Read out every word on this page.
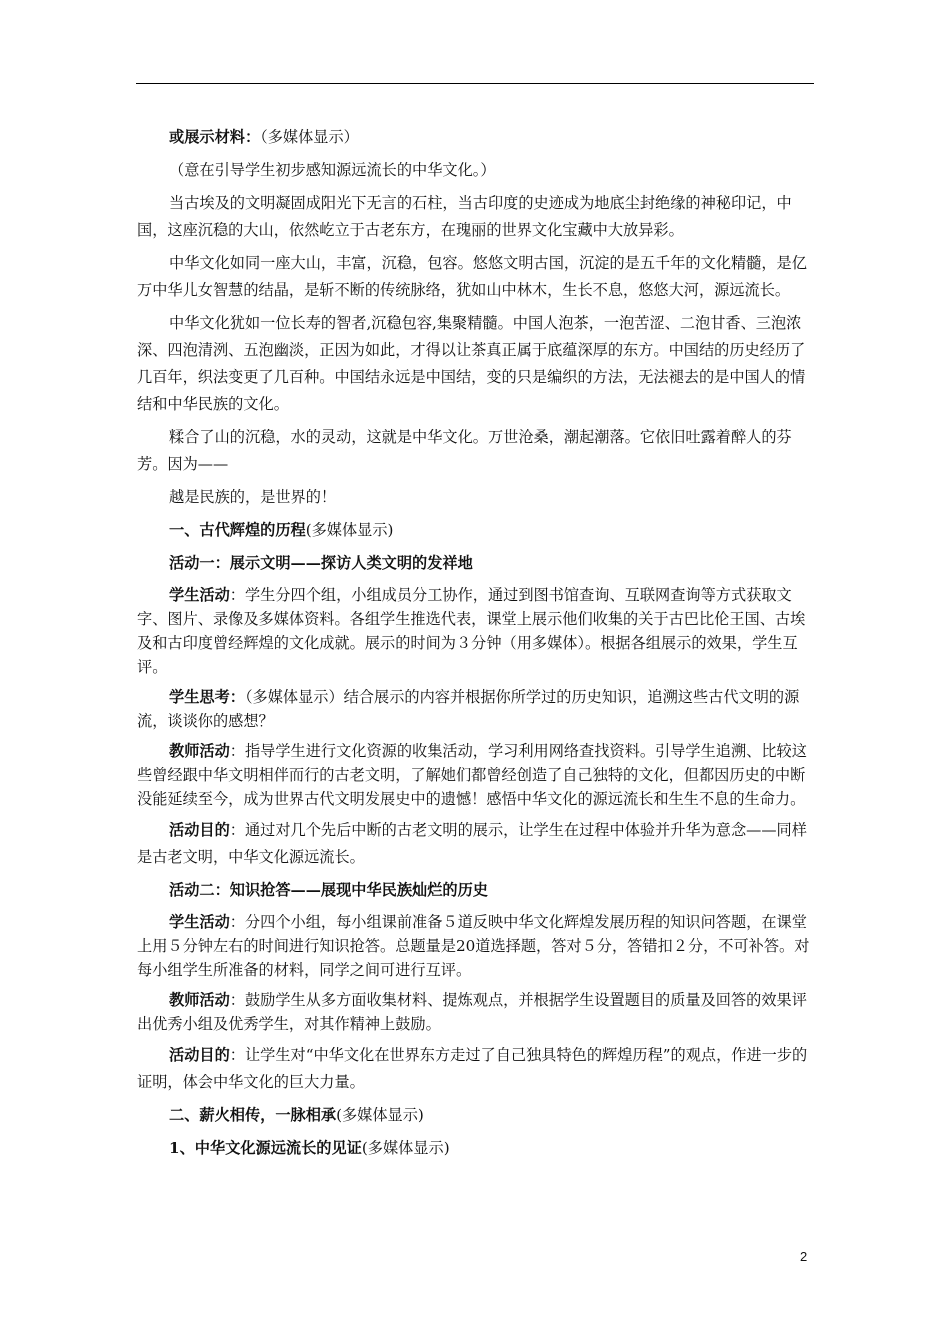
或展示材料：（多媒体显示）

（意在引导学生初步感知源远流长的中华文化。）

当古埃及的文明凝固成阳光下无言的石柱，当古印度的史迹成为地底尘封绝缘的神秘印记，中国，这座沉稳的大山，依然屹立于古老东方，在瑰丽的世界文化宝藏中大放异彩。

中华文化如同一座大山，丰富，沉稳，包容。悠悠文明古国，沉淀的是五千年的文化精髓，是亿万中华儿女智慧的结晶，是斩不断的传统脉络，犹如山中林木，生长不息，悠悠大河，源远流长。

中华文化犹如一位长寿的智者,沉稳包容,集聚精髓。中国人泡茶，一泡苦涩、二泡甘香、三泡浓深、四泡清洌、五泡幽淡，正因为如此，才得以让茶真正属于底蕴深厚的东方。中国结的历史经历了几百年，织法变更了几百种。中国结永远是中国结，变的只是编织的方法，无法褪去的是中国人的情结和中华民族的文化。

糅合了山的沉稳，水的灵动，这就是中华文化。万世沧桑，潮起潮落。它依旧吐露着醉人的芬芳。因为——

越是民族的，是世界的！

一、古代辉煌的历程(多媒体显示)

活动一：展示文明——探访人类文明的发祥地

学生活动：学生分四个组，小组成员分工协作，通过到图书馆查询、互联网查询等方式获取文字、图片、录像及多媒体资料。各组学生推选代表，课堂上展示他们收集的关于古巴比伦王国、古埃及和古印度曾经辉煌的文化成就。展示的时间为３分钟（用多媒体）。根据各组展示的效果，学生互评。

学生思考：（多媒体显示）结合展示的内容并根据你所学过的历史知识，追溯这些古代文明的源流，谈谈你的感想？

教师活动：指导学生进行文化资源的收集活动，学习利用网络查找资料。引导学生追溯、比较这些曾经跟中华文明相伴而行的古老文明，了解她们都曾经创造了自己独特的文化，但都因历史的中断没能延续至今，成为世界古代文明发展史中的遗憾！感悟中华文化的源远流长和生生不息的生命力。

活动目的：通过对几个先后中断的古老文明的展示，让学生在过程中体验并升华为意念——同样是古老文明，中华文化源远流长。

活动二：知识抢答——展现中华民族灿烂的历史

学生活动：分四个小组，每小组课前准备５道反映中华文化辉煌发展历程的知识问答题，在课堂上用５分钟左右的时间进行知识抢答。总题量是20道选择题，答对５分，答错扣２分，不可补答。对每小组学生所准备的材料，同学之间可进行互评。

教师活动：鼓励学生从多方面收集材料、提炼观点，并根据学生设置题目的质量及回答的效果评出优秀小组及优秀学生，对其作精神上鼓励。

活动目的：让学生对“中华文化在世界东方走过了自己独具特色的辉煌历程”的观点，作进一步的证明，体会中华文化的巨大力量。

二、薪火相传，一脉相承(多媒体显示)

1、中华文化源远流长的见证(多媒体显示)

2
